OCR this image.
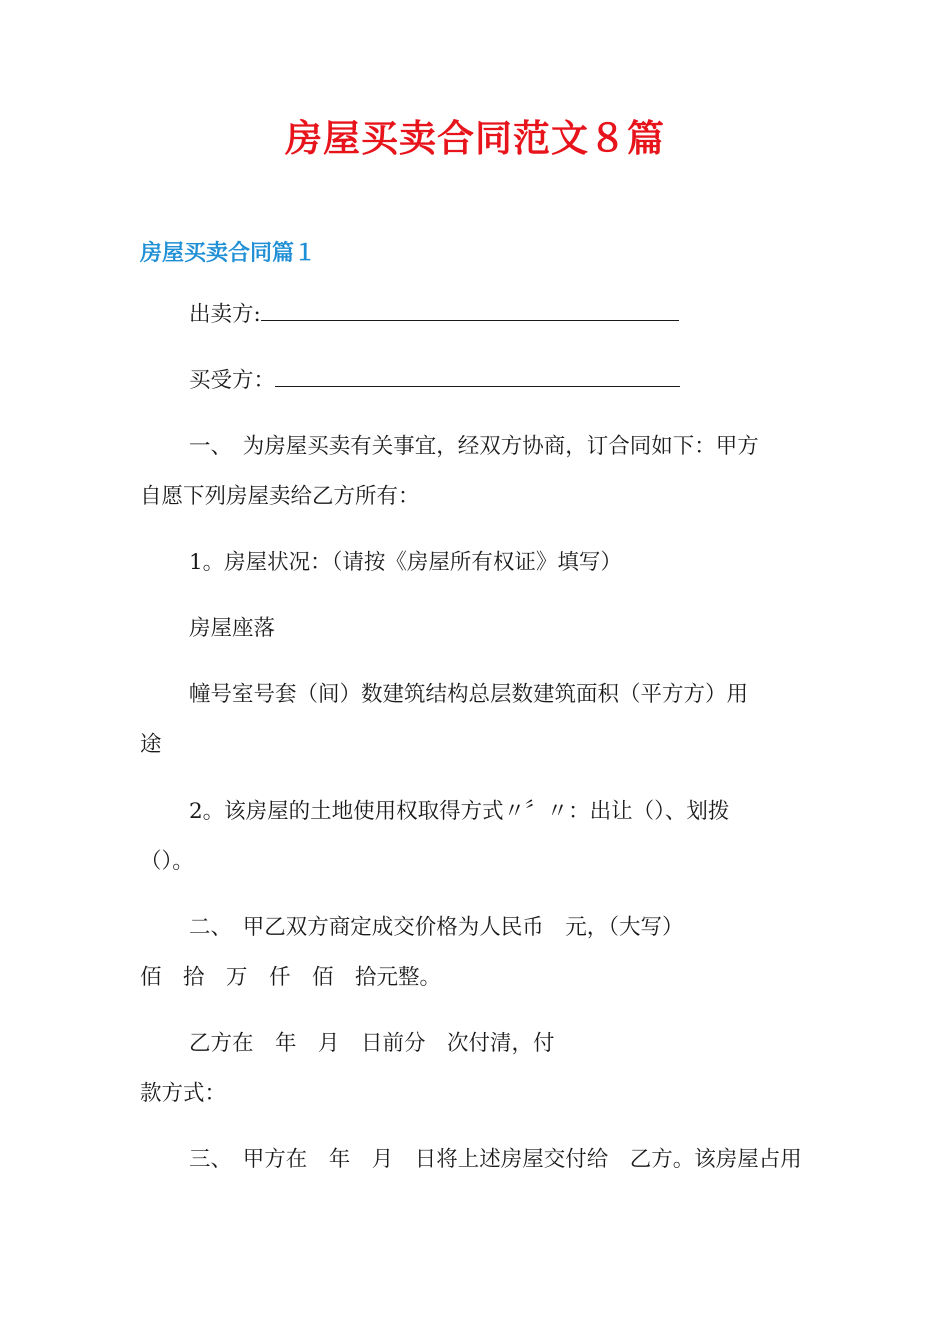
房屋买卖合同范文８篇
房屋买卖合同篇１

出卖方:

买受方：

一、　为房屋买卖有关事宜，经双方协商，订合同如下：甲方

自愿下列房屋卖给乙方所有：

1。房屋状况：（请按《房屋所有权证》填写）

房屋座落

幢号室号套（间）数建筑结构总层数建筑面积（平方方）用

途

2。该房屋的土地使用权取得方式〃〞〃：出让（）、划拨

（）。

二、　甲乙双方商定成交价格为人民币　元，（大写）

佰　拾　万　仟　佰　拾元整。

乙方在　年　月　日前分　次付清，付

款方式：

三、　甲方在　年　月　日将上述房屋交付给　乙方。该房屋占用
